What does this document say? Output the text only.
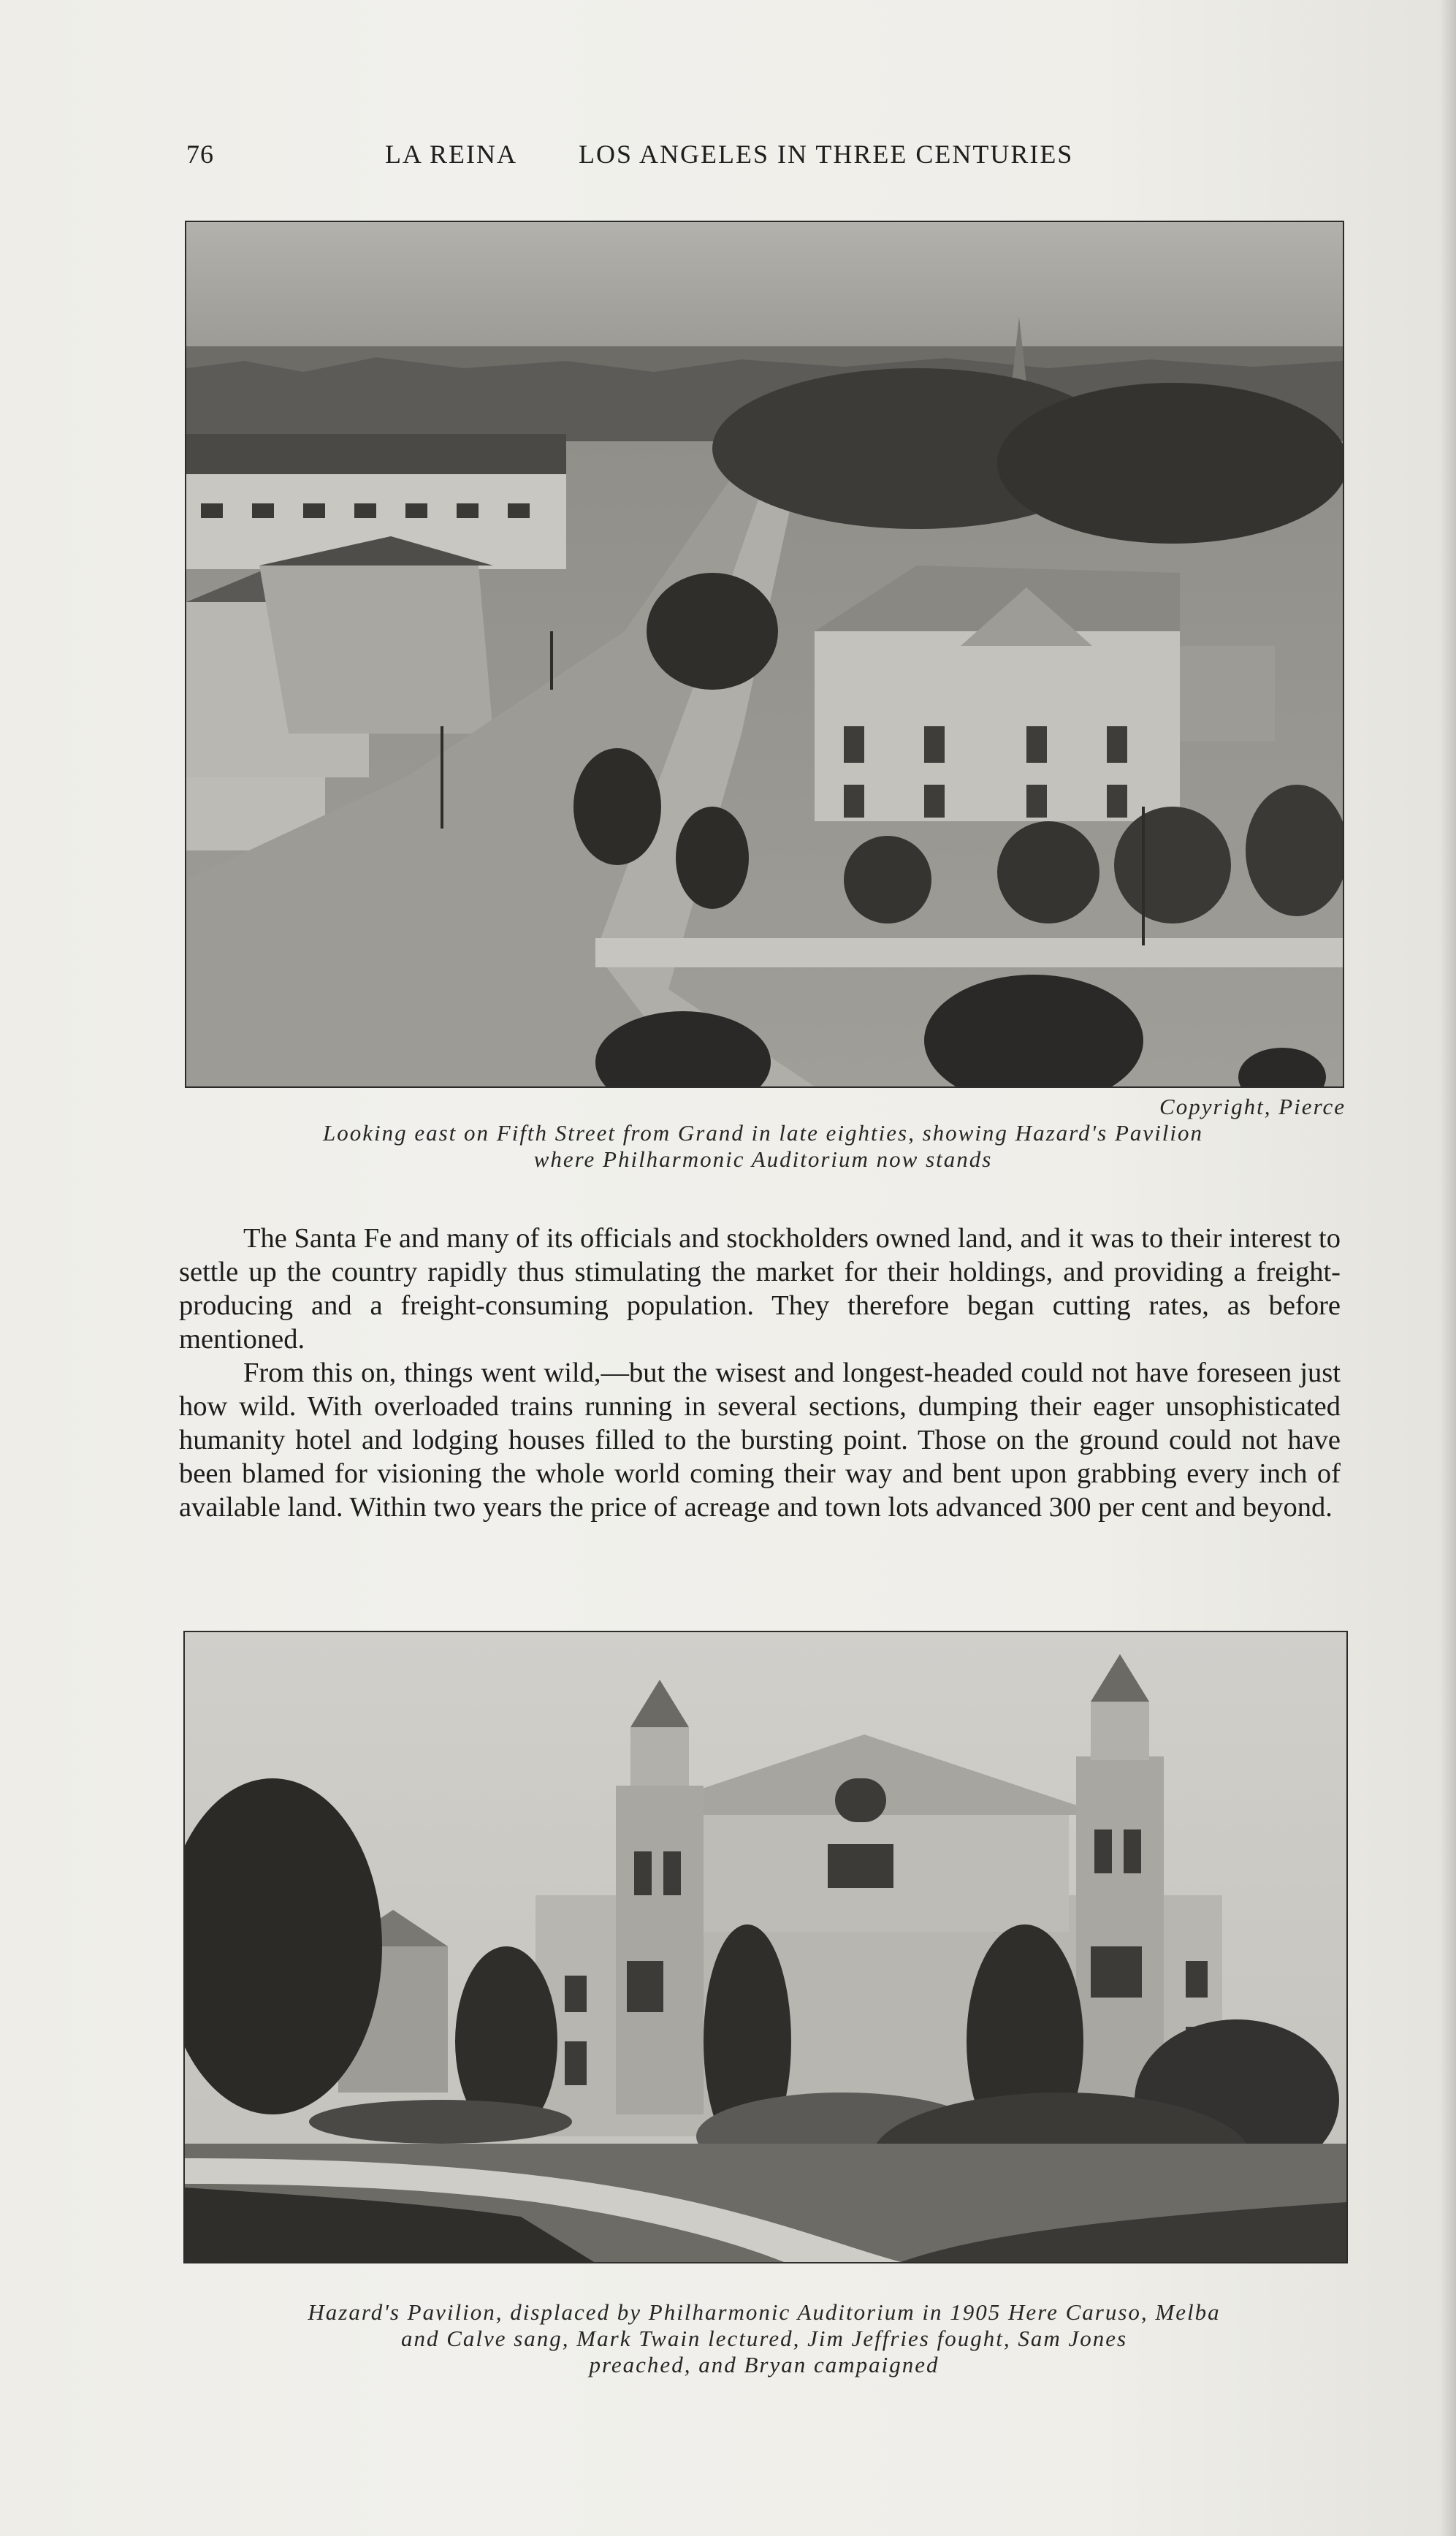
76	LA REINA LOS ANGELES IN THREE CENTURIES
Copyright, Pierce
Looking east on Fifth Street from Grand in late eighties, showing Hazard's Pavilion
where Philharmonic Auditorium now stands

The Santa Fe and many of its officials and stockholders owned land, and it was to their interest to settle up the country rapidly thus stimulating the market for their holdings, and providing a freight-producing and a freight-consuming population. They therefore began cutting rates, as before mentioned.

From this on, things went wild,—but the wisest and longest-headed could not have foreseen just how wild. With overloaded trains running in several sections, dumping their eager unsophisticated humanity hotel and lodging houses filled to the bursting point. Those on the ground could not have been blamed for visioning the whole world coming their way and bent upon grabbing every inch of available land. Within two years the price of acreage and town lots advanced 300 per cent and beyond.

Hazard's Pavilion, displaced by Philharmonic Auditorium in 1905 Here Caruso, Melba
and Calve sang, Mark Twain lectured, Jim Jeffries fought, Sam Jones
preached, and Bryan campaigned
